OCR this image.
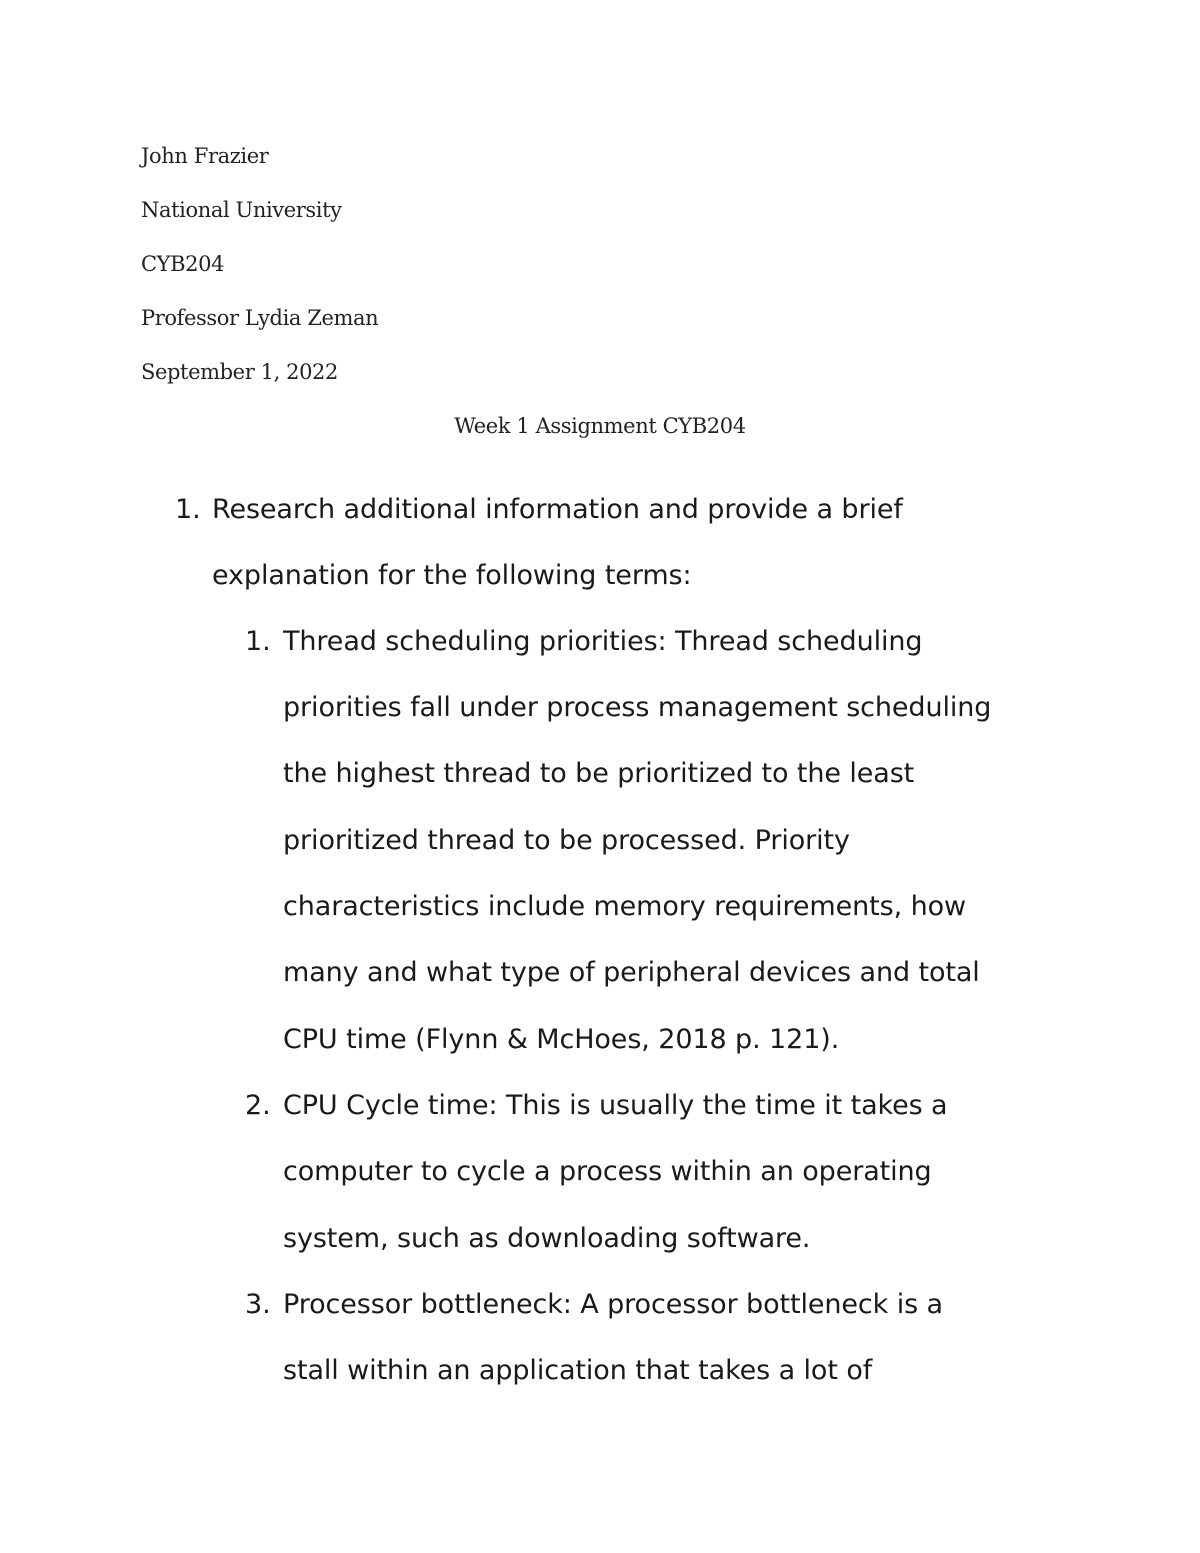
John Frazier
National University
CYB204
Professor Lydia Zeman
September 1, 2022
Week 1 Assignment CYB204
1. Research additional information and provide a brief
explanation for the following terms:
1. Thread scheduling priorities: Thread scheduling
priorities fall under process management scheduling
the highest thread to be prioritized to the least
prioritized thread to be processed. Priority
characteristics include memory requirements, how
many and what type of peripheral devices and total
CPU time (Flynn & McHoes, 2018 p. 121).
2. CPU Cycle time: This is usually the time it takes a
computer to cycle a process within an operating
system, such as downloading software.
3. Processor bottleneck: A processor bottleneck is a
stall within an application that takes a lot of
